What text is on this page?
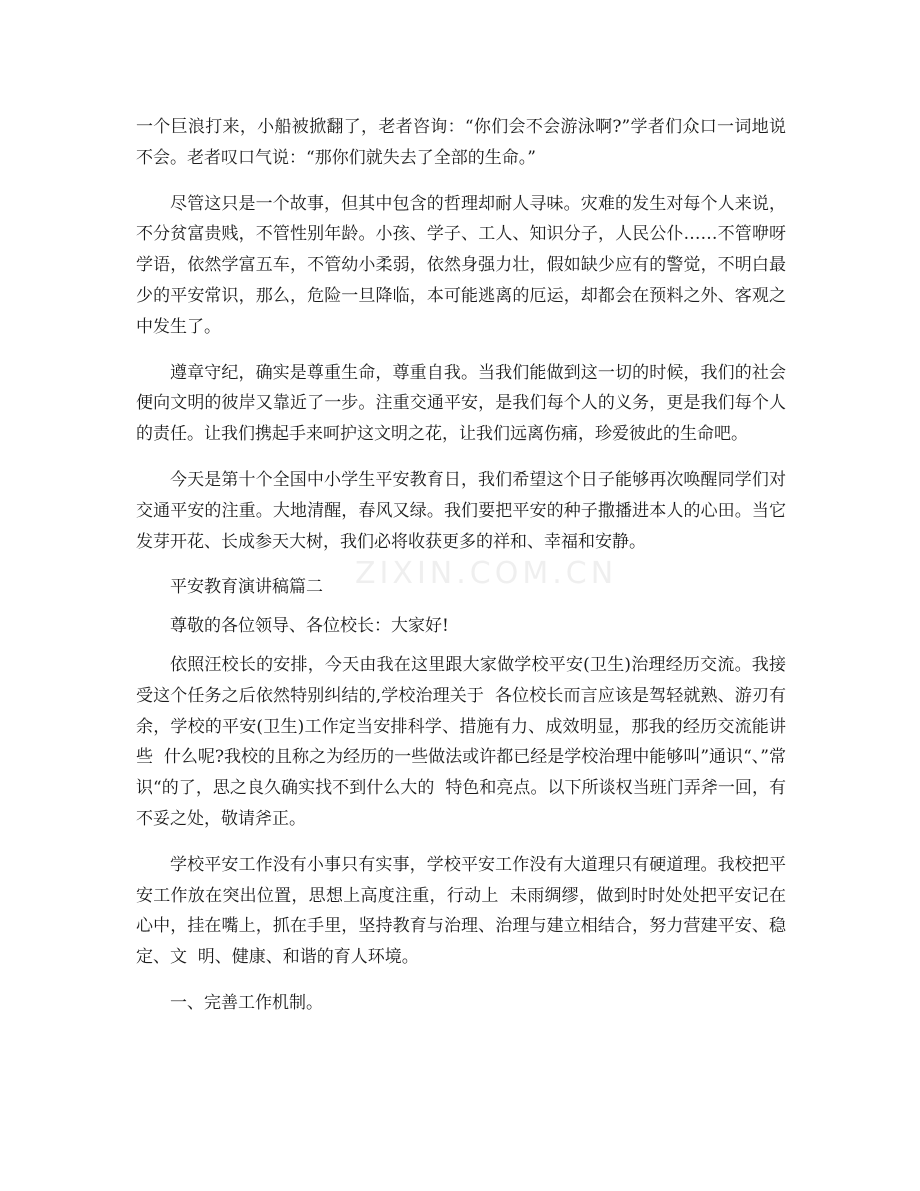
ZIXIN.COM.CN

一个巨浪打来，小船被掀翻了，老者咨询：“你们会不会游泳啊?”学者们众口一词地说不会。老者叹口气说：“那你们就失去了全部的生命。”

尽管这只是一个故事，但其中包含的哲理却耐人寻味。灾难的发生对每个人来说，不分贫富贵贱，不管性别年龄。小孩、学子、工人、知识分子，人民公仆……不管咿呀学语，依然学富五车，不管幼小柔弱，依然身强力壮，假如缺少应有的警觉，不明白最少的平安常识，那么，危险一旦降临，本可能逃离的厄运，却都会在预料之外、客观之中发生了。

遵章守纪，确实是尊重生命，尊重自我。当我们能做到这一切的时候，我们的社会便向文明的彼岸又靠近了一步。注重交通平安，是我们每个人的义务，更是我们每个人的责任。让我们携起手来呵护这文明之花，让我们远离伤痛，珍爱彼此的生命吧。

今天是第十个全国中小学生平安教育日，我们希望这个日子能够再次唤醒同学们对交通平安的注重。大地清醒，春风又绿。我们要把平安的种子撒播进本人的心田。当它发芽开花、长成参天大树，我们必将收获更多的祥和、幸福和安静。

平安教育演讲稿篇二

尊敬的各位领导、各位校长：大家好!

依照汪校长的安排，今天由我在这里跟大家做学校平安(卫生)治理经历交流。我接受这个任务之后依然特别纠结的,学校治理关于  各位校长而言应该是驾轻就熟、游刃有余，学校的平安(卫生)工作定当安排科学、措施有力、成效明显，那我的经历交流能讲些  什么呢?我校的且称之为经历的一些做法或许都已经是学校治理中能够叫”通识“、”常识“的了，思之良久确实找不到什么大的  特色和亮点。以下所谈权当班门弄斧一回，有不妥之处，敬请斧正。

学校平安工作没有小事只有实事，学校平安工作没有大道理只有硬道理。我校把平安工作放在突出位置，思想上高度注重，行动上  未雨绸缪，做到时时处处把平安记在心中，挂在嘴上，抓在手里，坚持教育与治理、治理与建立相结合，努力营建平安、稳定、文  明、健康、和谐的育人环境。

一、完善工作机制。
